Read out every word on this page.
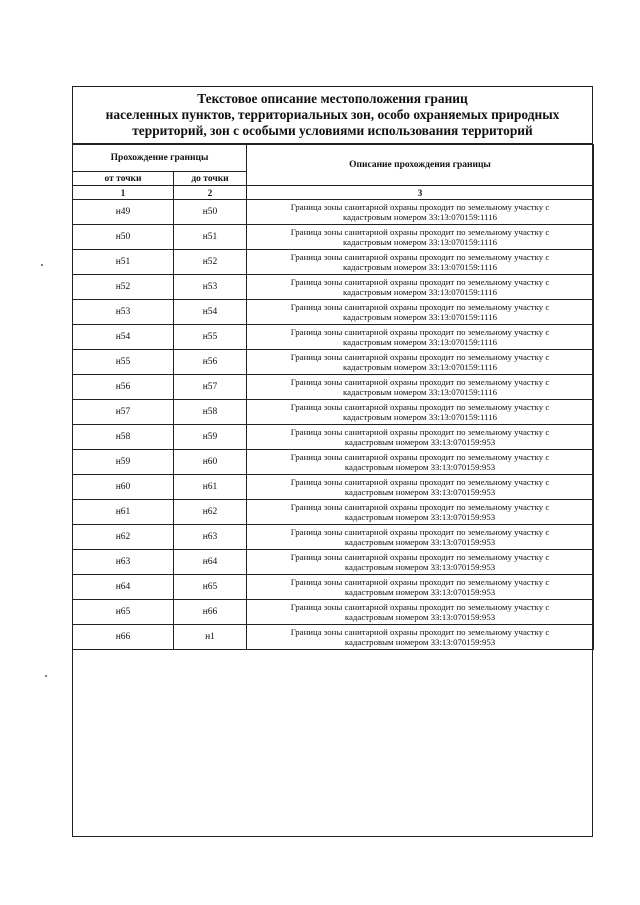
Текстовое описание местоположения границ
населенных пунктов, территориальных зон, особо охраняемых природных
территорий, зон с особыми условиями использования территорий
Прохождение границы		Описание прохождения границы
от точки	до точки	
1	2	3
н49	н50	Граница зоны санитарной охраны проходит по земельному участку с
кадастровым номером 33:13:070159:1116

н50	н51	Граница зоны санитарной охраны проходит по земельному участку с
кадастровым номером 33:13:070159:1116

н51	н52	Граница зоны санитарной охраны проходит по земельному участку с
кадастровым номером 33:13:070159:1116

н52	н53	Граница зоны санитарной охраны проходит по земельному участку с
кадастровым номером 33:13:070159:1116

н53	н54	Граница зоны санитарной охраны проходит по земельному участку с
кадастровым номером 33:13:070159:1116

н54	н55	Граница зоны санитарной охраны проходит по земельному участку с
кадастровым номером 33:13:070159:1116

н55	н56	Граница зоны санитарной охраны проходит по земельному участку с
кадастровым номером 33:13:070159:1116

н56	н57	Граница зоны санитарной охраны проходит по земельному участку с
кадастровым номером 33:13:070159:1116

н57	н58	Граница зоны санитарной охраны проходит по земельному участку с
кадастровым номером 33:13:070159:1116

н58	н59	Граница зоны санитарной охраны проходит по земельному участку с
кадастровым номером 33:13:070159:953

н59	н60	Граница зоны санитарной охраны проходит по земельному участку с
кадастровым номером 33:13:070159:953

н60	н61	Граница зоны санитарной охраны проходит по земельному участку с
кадастровым номером 33:13:070159:953

н61	н62	Граница зоны санитарной охраны проходит по земельному участку с
кадастровым номером 33:13:070159:953

н62	н63	Граница зоны санитарной охраны проходит по земельному участку с
кадастровым номером 33:13:070159:953

н63	н64	Граница зоны санитарной охраны проходит по земельному участку с
кадастровым номером 33:13:070159:953

н64	н65	Граница зоны санитарной охраны проходит по земельному участку с
кадастровым номером 33:13:070159:953

н65	н66	Граница зоны санитарной охраны проходит по земельному участку с
кадастровым номером 33:13:070159:953

н66	н1	Граница зоны санитарной охраны проходит по земельному участку с
кадастровым номером 33:13:070159:953
